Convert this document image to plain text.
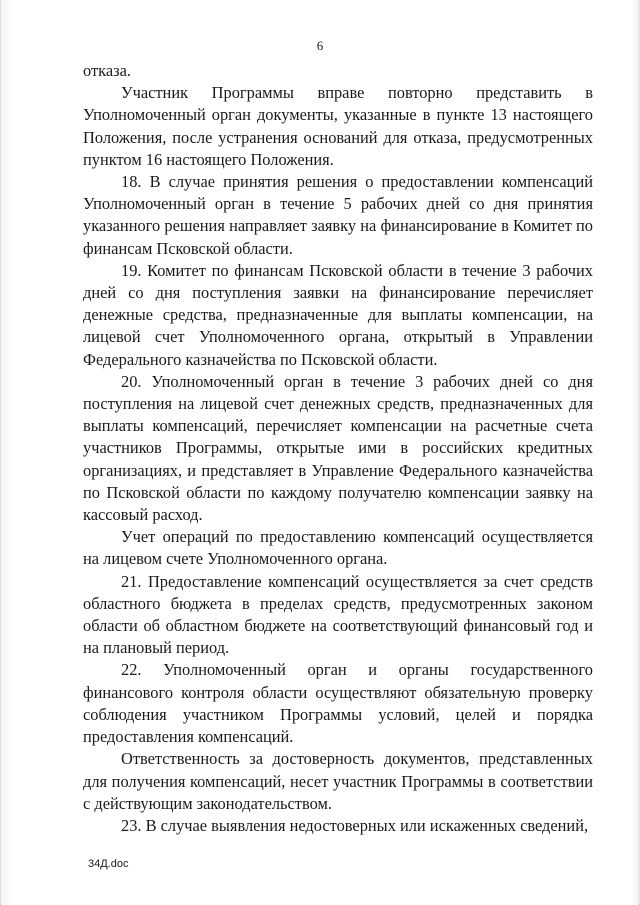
6

отказа.

Участник Программы вправе повторно представить в Уполномоченный орган документы, указанные в пункте 13 настоящего Положения, после устранения оснований для отказа, предусмотренных пунктом 16 настоящего Положения.

18. В случае принятия решения о предоставлении компенсаций Уполномоченный орган в течение 5 рабочих дней со дня принятия указанного решения направляет заявку на финансирование в Комитет по финансам Псковской области.

19. Комитет по финансам Псковской области в течение 3 рабочих дней со дня поступления заявки на финансирование перечисляет денежные средства, предназначенные для выплаты компенсации, на лицевой счет Уполномоченного органа, открытый в Управлении Федерального казначейства по Псковской области.

20. Уполномоченный орган в течение 3 рабочих дней со дня поступления на лицевой счет денежных средств, предназначенных для выплаты компенсаций, перечисляет компенсации на расчетные счета участников Программы, открытые ими в российских кредитных организациях, и представляет в Управление Федерального казначейства по Псковской области по каждому получателю компенсации заявку на кассовый расход.

Учет операций по предоставлению компенсаций осуществляется на лицевом счете Уполномоченного органа.

21. Предоставление компенсаций осуществляется за счет средств областного бюджета в пределах средств, предусмотренных законом области об областном бюджете на соответствующий финансовый год и на плановый период.

22. Уполномоченный орган и органы государственного финансового контроля области осуществляют обязательную проверку соблюдения участником Программы условий, целей и порядка предоставления компенсаций.

Ответственность за достоверность документов, представленных для получения компенсаций, несет участник Программы в соответствии с действующим законодательством.

23. В случае выявления недостоверных или искаженных сведений,

34Д.doc
